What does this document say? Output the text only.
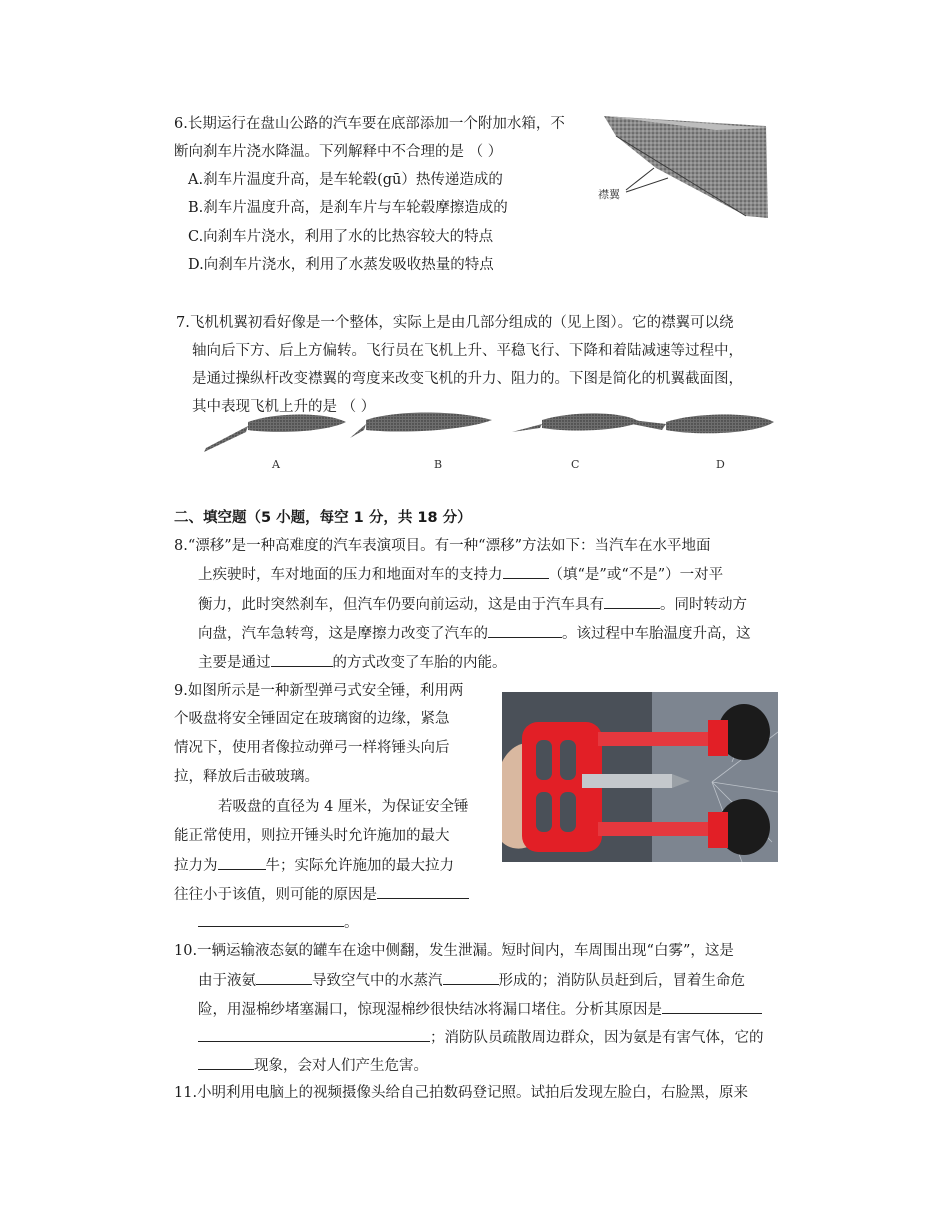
6.长期运行在盘山公路的汽车要在底部添加一个附加水箱，不
断向刹车片浇水降温。下列解释中不合理的是 （ ）
A.刹车片温度升高，是车轮毂(gū）热传递造成的
B.刹车片温度升高，是刹车片与车轮毂摩擦造成的
C.向刹车片浇水，利用了水的比热容较大的特点
D.向刹车片浇水，利用了水蒸发吸收热量的特点
襟翼
7.飞机机翼初看好像是一个整体，实际上是由几部分组成的（见上图）。它的襟翼可以绕
轴向后下方、后上方偏转。飞行员在飞机上升、平稳飞行、下降和着陆减速等过程中，
是通过操纵杆改变襟翼的弯度来改变飞机的升力、阻力的。下图是简化的机翼截面图，
其中表现飞机上升的是 （ ）
A	B	C	D
二、填空题（5 小题，每空 1 分，共 18 分）
8.“漂移”是一种高难度的汽车表演项目。有一种“漂移”方法如下：当汽车在水平地面
上疾驶时，车对地面的压力和地面对车的支持力	（填“是”或“不是”）一对平
衡力，此时突然刹车，但汽车仍要向前运动，这是由于汽车具有	。同时转动方
向盘，汽车急转弯，这是摩擦力改变了汽车的	。该过程中车胎温度升高，这
主要是通过	的方式改变了车胎的内能。
9.如图所示是一种新型弹弓式安全锤，利用两
个吸盘将安全锤固定在玻璃窗的边缘，紧急
情况下，使用者像拉动弹弓一样将锤头向后
拉，释放后击破玻璃。
若吸盘的直径为 4 厘米，为保证安全锤
能正常使用，则拉开锤头时允许施加的最大
拉力为	牛；实际允许施加的最大拉力
往往小于该值，则可能的原因是
。
10.一辆运输液态氨的罐车在途中侧翻，发生泄漏。短时间内，车周围出现“白雾”，这是
由于液氨	导致空气中的水蒸汽	形成的；消防队员赶到后，冒着生命危
险，用湿棉纱堵塞漏口，惊现湿棉纱很快结冰将漏口堵住。分析其原因是
；消防队员疏散周边群众，因为氨是有害气体，它的
现象，会对人们产生危害。
11.小明利用电脑上的视频摄像头给自己拍数码登记照。试拍后发现左脸白，右脸黑，原来
